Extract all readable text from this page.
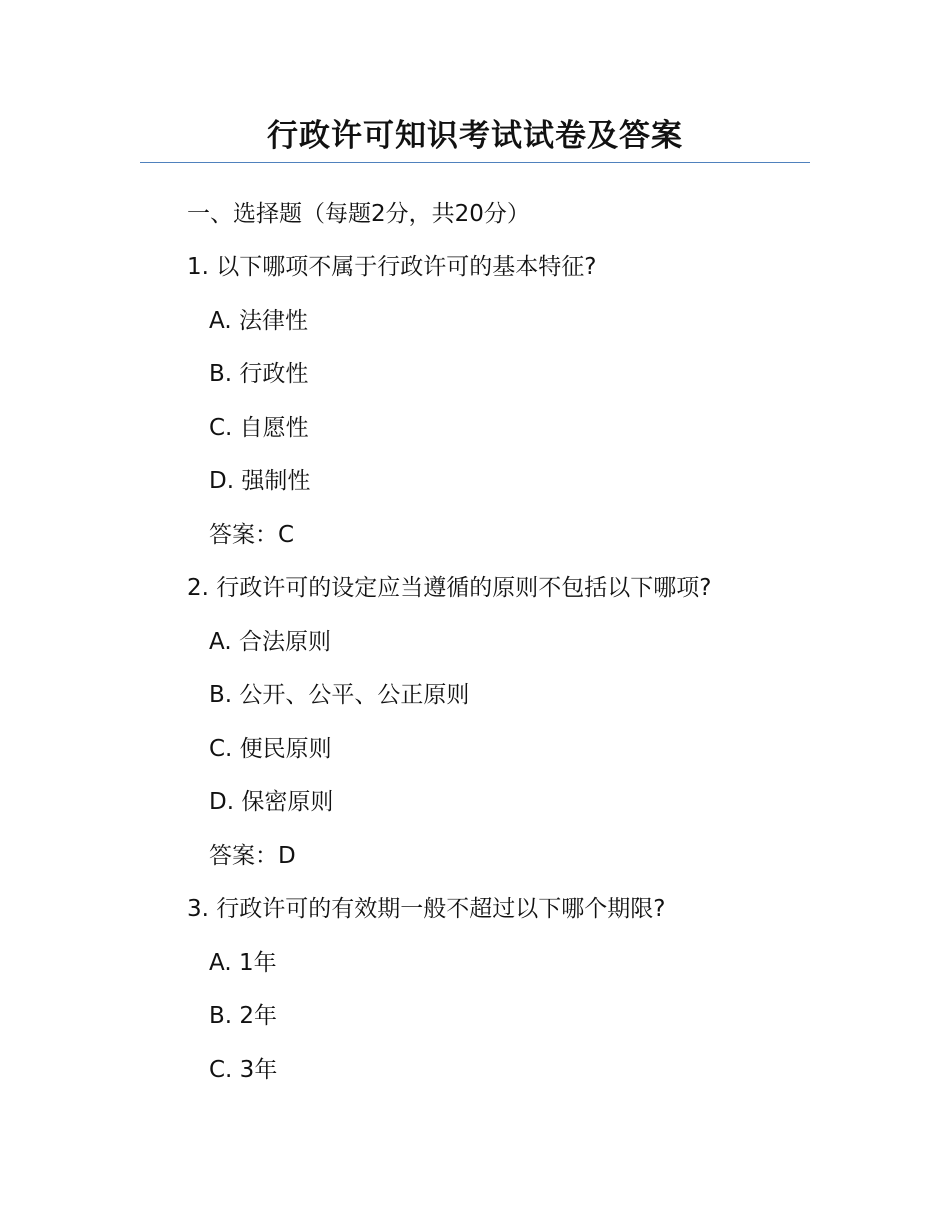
行政许可知识考试试卷及答案

一、选择题（每题2分，共20分）

1. 以下哪项不属于行政许可的基本特征?

A. 法律性

B. 行政性

C. 自愿性

D. 强制性

答案：C

2. 行政许可的设定应当遵循的原则不包括以下哪项?

A. 合法原则

B. 公开、公平、公正原则

C. 便民原则

D. 保密原则

答案：D

3. 行政许可的有效期一般不超过以下哪个期限?

A. 1年

B. 2年

C. 3年
